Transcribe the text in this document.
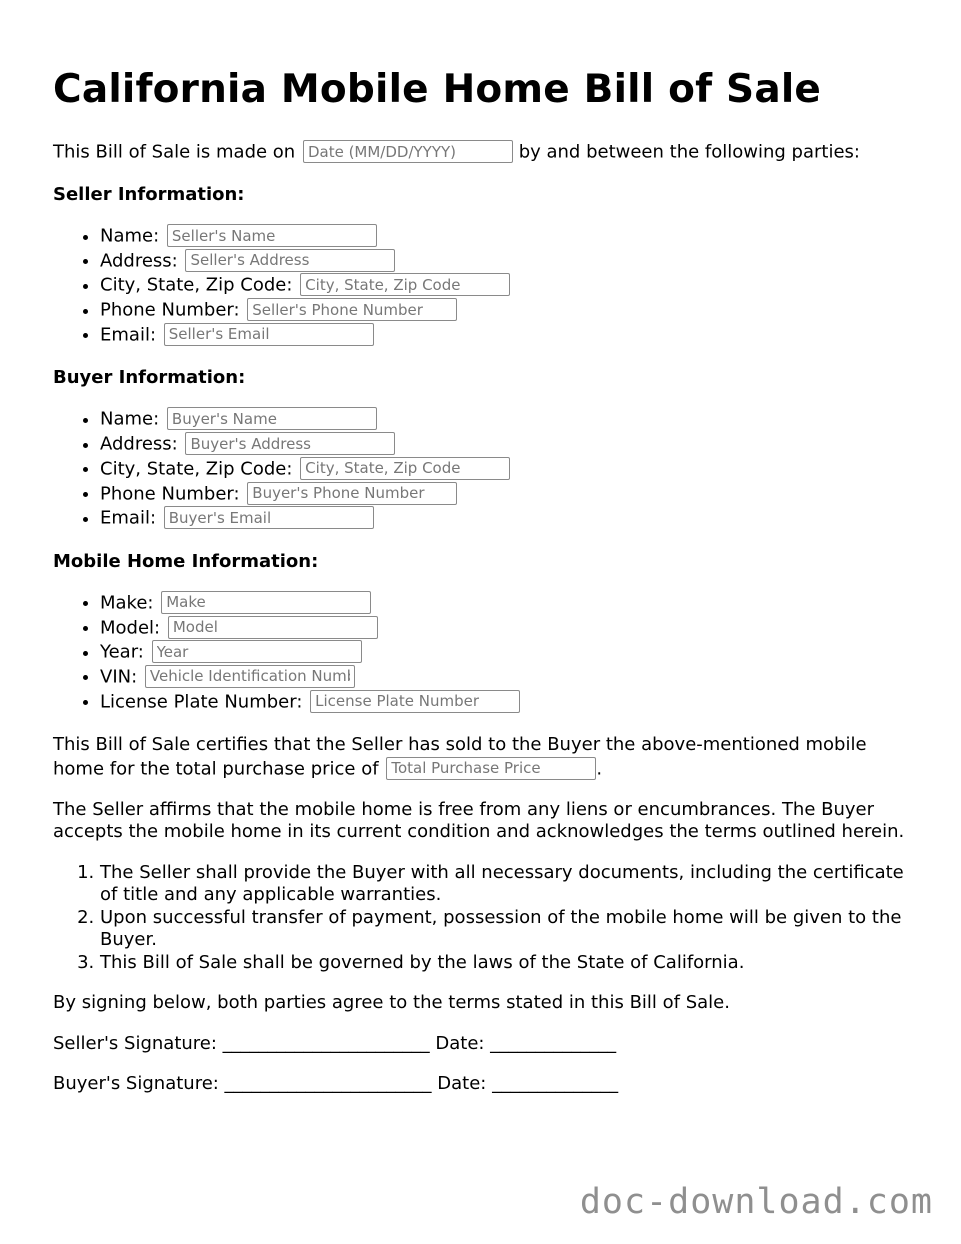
California Mobile Home Bill of Sale

This Bill of Sale is made on Date (MM/DD/YYYY)	by and between the following parties:

Seller Information:
• Name: Seller's Name
• Address: Seller's Address
• City, State, Zip Code: City, State, Zip Code
• Phone Number: Seller's Phone Number
• Email: Seller's Email
Buyer Information:
• Name: Buyer's Name
• Address: Buyer's Address
• City, State, Zip Code: City, State, Zip Code
• Phone Number: Buyer's Phone Number
• Email: Buyer's Email
Mobile Home Information:
• Make: Make
• Model: Model
• Year: Year
• VIN: Vehicle Identification Number
• License Plate Number: License Plate Number

This Bill of Sale certifies that the Seller has sold to the Buyer the above-mentioned mobile home for the total purchase price of Total Purchase Price	.

The Seller affirms that the mobile home is free from any liens or encumbrances. The Buyer accepts the mobile home in its current condition and acknowledges the terms outlined herein.

1. The Seller shall provide the Buyer with all necessary documents, including the certificate of title and any applicable warranties.
2. Upon successful transfer of payment, possession of the mobile home will be given to the Buyer.
3. This Bill of Sale shall be governed by the laws of the State of California.

By signing below, both parties agree to the terms stated in this Bill of Sale.

Seller's Signature: _______________________ Date: ______________

Buyer's Signature: _______________________ Date: ______________

doc-download.com
